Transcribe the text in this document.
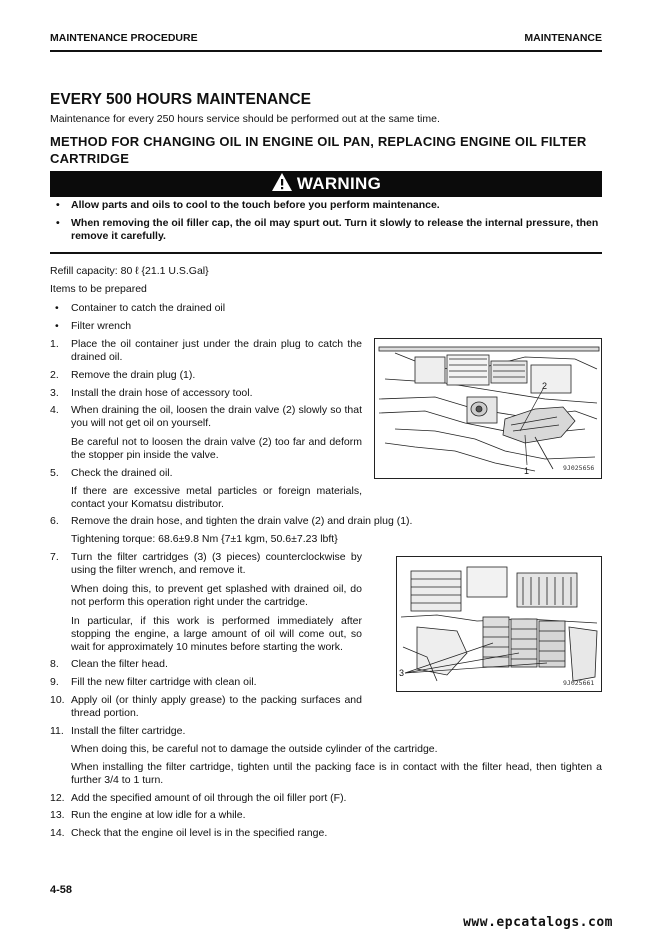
MAINTENANCE PROCEDURE	MAINTENANCE
EVERY 500 HOURS MAINTENANCE
Maintenance for every 250 hours service should be performed out at the same time.
METHOD FOR CHANGING OIL IN ENGINE OIL PAN, REPLACING ENGINE OIL FILTER CARTRIDGE
WARNING
• Allow parts and oils to cool to the touch before you perform maintenance.
• When removing the oil filler cap, the oil may spurt out. Turn it slowly to release the internal pressure, then remove it carefully.
Refill capacity: 80 ℓ {21.1 U.S.Gal}
Items to be prepared
• Container to catch the drained oil
• Filter wrench
1. Place the oil container just under the drain plug to catch the drained oil.
2. Remove the drain plug (1).
3. Install the drain hose of accessory tool.
4. When draining the oil, loosen the drain valve (2) slowly so that you will not get oil on yourself.
Be careful not to loosen the drain valve (2) too far and deform the stopper pin inside the valve.
5. Check the drained oil.
If there are excessive metal particles or foreign materials, contact your Komatsu distributor.
2
1	9J025656
6. Remove the drain hose, and tighten the drain valve (2) and drain plug (1).
Tightening torque: 68.6±9.8 Nm {7±1 kgm, 50.6±7.23 lbft}
7. Turn the filter cartridges (3) (3 pieces) counterclockwise by using the filter wrench, and remove it.
When doing this, to prevent get splashed with drained oil, do not perform this operation right under the cartridge.
In particular, if this work is performed immediately after stopping the engine, a large amount of oil will come out, so wait for approximately 10 minutes before starting the work.
8. Clean the filter head.
9. Fill the new filter cartridge with clean oil.
10. Apply oil (or thinly apply grease) to the packing surfaces and thread portion.
3
9J025661
11. Install the filter cartridge.
When doing this, be careful not to damage the outside cylinder of the cartridge.
When installing the filter cartridge, tighten until the packing face is in contact with the filter head, then tighten a further 3/4 to 1 turn.
12. Add the specified amount of oil through the oil filler port (F).
13. Run the engine at low idle for a while.
14. Check that the engine oil level is in the specified range.
4-58
www.epcatalogs.com
